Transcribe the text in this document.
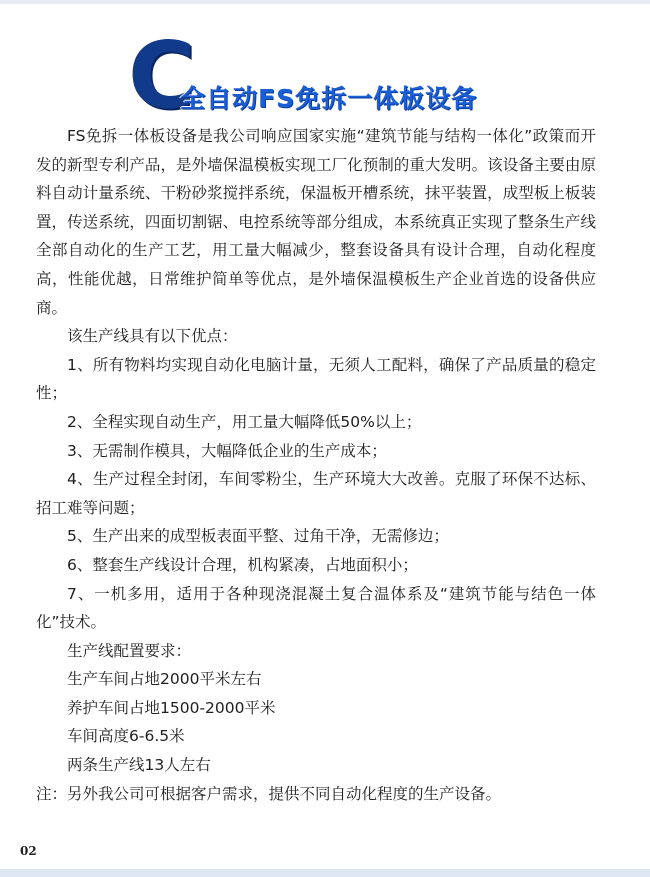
C
全自动FS免拆一体板设备

FS免拆一体板设备是我公司响应国家实施“建筑节能与结构一体化”政策而开发的新型专利产品，是外墙保温模板实现工厂化预制的重大发明。该设备主要由原料自动计量系统、干粉砂浆搅拌系统，保温板开槽系统，抹平装置，成型板上板装置，传送系统，四面切割锯、电控系统等部分组成，本系统真正实现了整条生产线全部自动化的生产工艺，用工量大幅减少，整套设备具有设计合理，自动化程度高，性能优越，日常维护简单等优点，是外墙保温模板生产企业首选的设备供应商。

该生产线具有以下优点：

1、所有物料均实现自动化电脑计量，无须人工配料，确保了产品质量的稳定性；

2、全程实现自动生产，用工量大幅降低50%以上；

3、无需制作模具，大幅降低企业的生产成本；

4、生产过程全封闭，车间零粉尘，生产环境大大改善。克服了环保不达标、招工难等问题；

5、生产出来的成型板表面平整、过角干净，无需修边；

6、整套生产线设计合理，机构紧凑，占地面积小；

7、一机多用，适用于各种现浇混凝土复合温体系及“建筑节能与结色一体化”技术。

生产线配置要求：

生产车间占地2000平米左右

养护车间占地1500-2000平米

车间高度6-6.5米

两条生产线13人左右

注：另外我公司可根据客户需求，提供不同自动化程度的生产设备。

02
